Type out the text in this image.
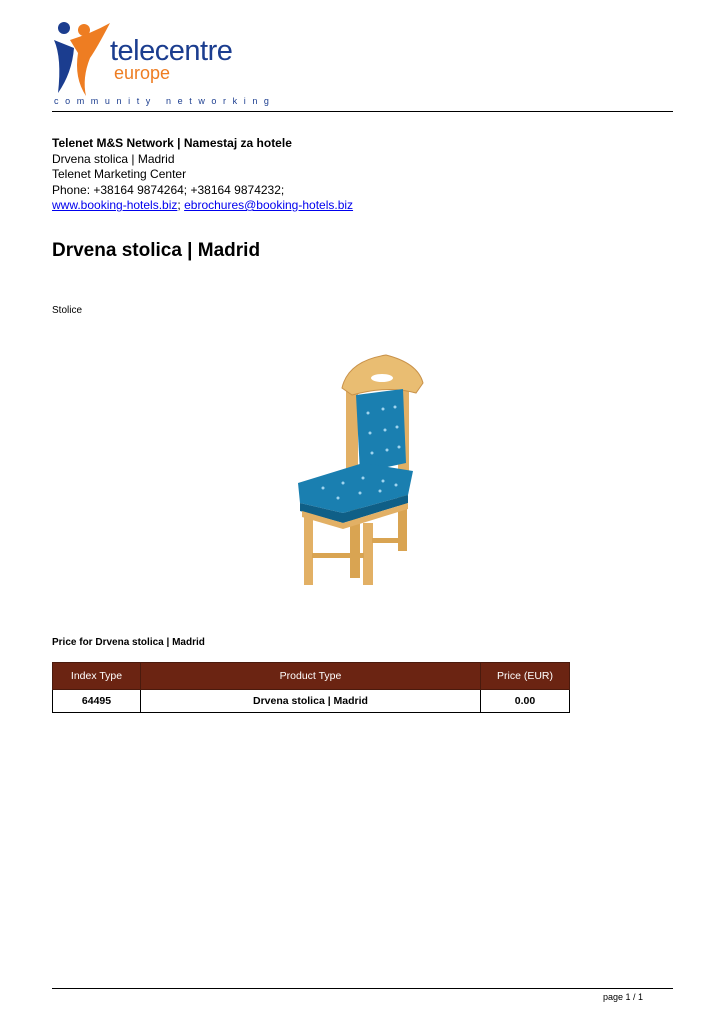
telecentre
europe
community networking
Telenet M&S Network | Namestaj za hotele
Drvena stolica | Madrid
Telenet Marketing Center
Phone: +38164 9874264; +38164 9874232;
www.booking-hotels.biz; ebrochures@booking-hotels.biz
Drvena stolica | Madrid
Stolice
Price for Drvena stolica | Madrid
Index Type	Product Type	Price (EUR)
64495	Drvena stolica | Madrid	0.00
page 1 / 1
